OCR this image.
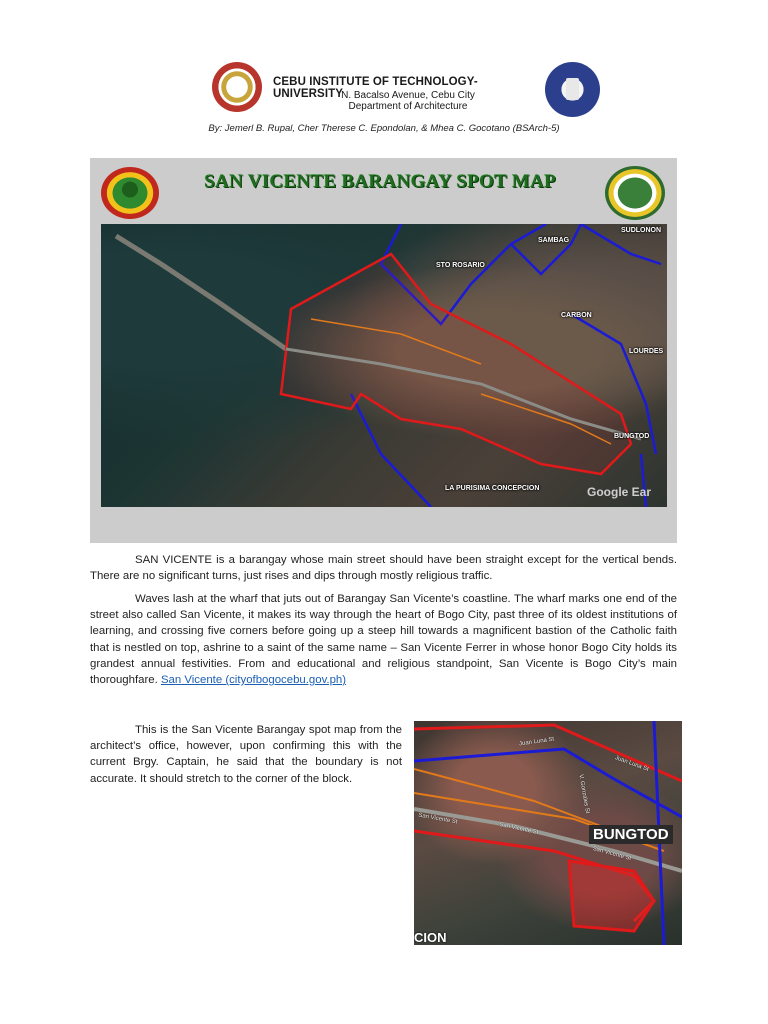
CEBU INSTITUTE OF TECHNOLOGY- UNIVERSITY
N. Bacalso Avenue, Cebu City
Department of Architecture
By: Jemerl B. Rupal, Cher Therese C. Epondolan, & Mhea C. Gocotano (BSArch-5)
SAN VICENTE BARANGAY SPOT MAP
SAMBAG
SUDLONON
STO ROSARIO
CARBON
LOURDES
BUNGTOD
LA PURISIMA CONCEPCION	Google Ear
SAN VICENTE is a barangay whose main street should have been straight except for the vertical bends. There are no significant turns, just rises and dips through mostly religious traffic.
Waves lash at the wharf that juts out of Barangay San Vicente’s coastline. The wharf marks one end of the street also called San Vicente, it makes its way through the heart of Bogo City, past three of its oldest institutions of learning, and crossing five corners before going up a steep hill towards a magnificent bastion of the Catholic faith that is nestled on top, ashrine to a saint of the same name – San Vicente Ferrer in whose honor Bogo City holds its grandest annual festivities. From and educational and religious standpoint, San Vicente is Bogo City’s main thoroughfare. San Vicente (cityofbogocebu.gov.ph)
This is the San Vicente Barangay spot map from the architect’s office, however, upon confirming this with the current Brgy. Captain, he said that the boundary is not accurate. It should stretch to the corner of the block.
Juan Luna St
Juan Luna St
San Vicente St
San Vicente St
San Vicente St
V. Gonzales St
BUNGTOD
CION
